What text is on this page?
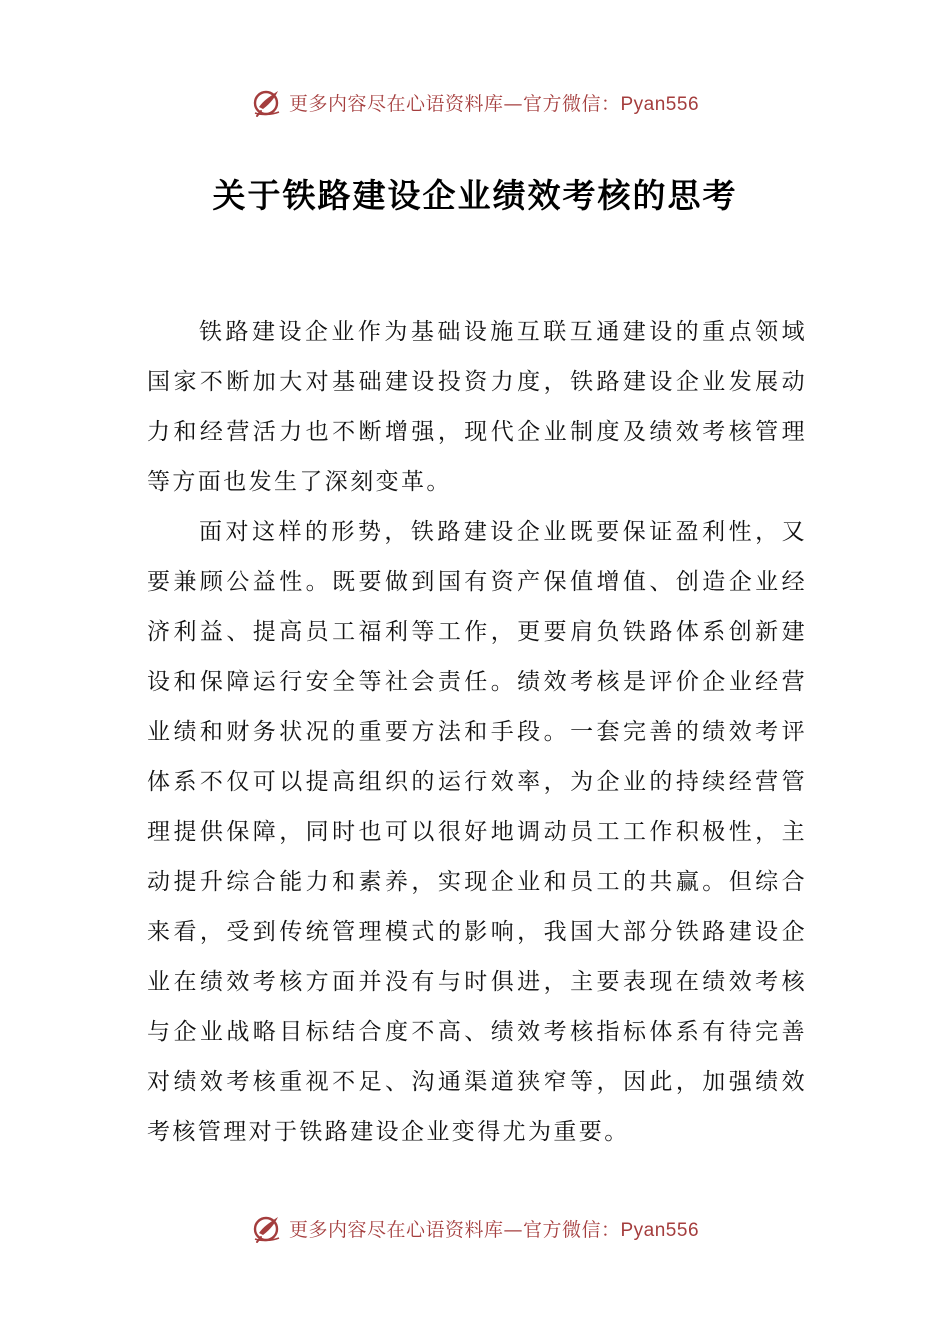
更多内容尽在心语资料库—官方微信：Pyan556
关于铁路建设企业绩效考核的思考

铁路建设企业作为基础设施互联互通建设的重点领域国家不断加大对基础建设投资力度，铁路建设企业发展动力和经营活力也不断增强，现代企业制度及绩效考核管理等方面也发生了深刻变革。

面对这样的形势，铁路建设企业既要保证盈利性，又要兼顾公益性。既要做到国有资产保值增值、创造企业经济利益、提高员工福利等工作，更要肩负铁路体系创新建设和保障运行安全等社会责任。绩效考核是评价企业经营业绩和财务状况的重要方法和手段。一套完善的绩效考评体系不仅可以提高组织的运行效率，为企业的持续经营管理提供保障，同时也可以很好地调动员工工作积极性，主动提升综合能力和素养，实现企业和员工的共赢。但综合来看，受到传统管理模式的影响，我国大部分铁路建设企业在绩效考核方面并没有与时俱进，主要表现在绩效考核与企业战略目标结合度不高、绩效考核指标体系有待完善对绩效考核重视不足、沟通渠道狭窄等，因此，加强绩效考核管理对于铁路建设企业变得尤为重要。

更多内容尽在心语资料库—官方微信：Pyan556
